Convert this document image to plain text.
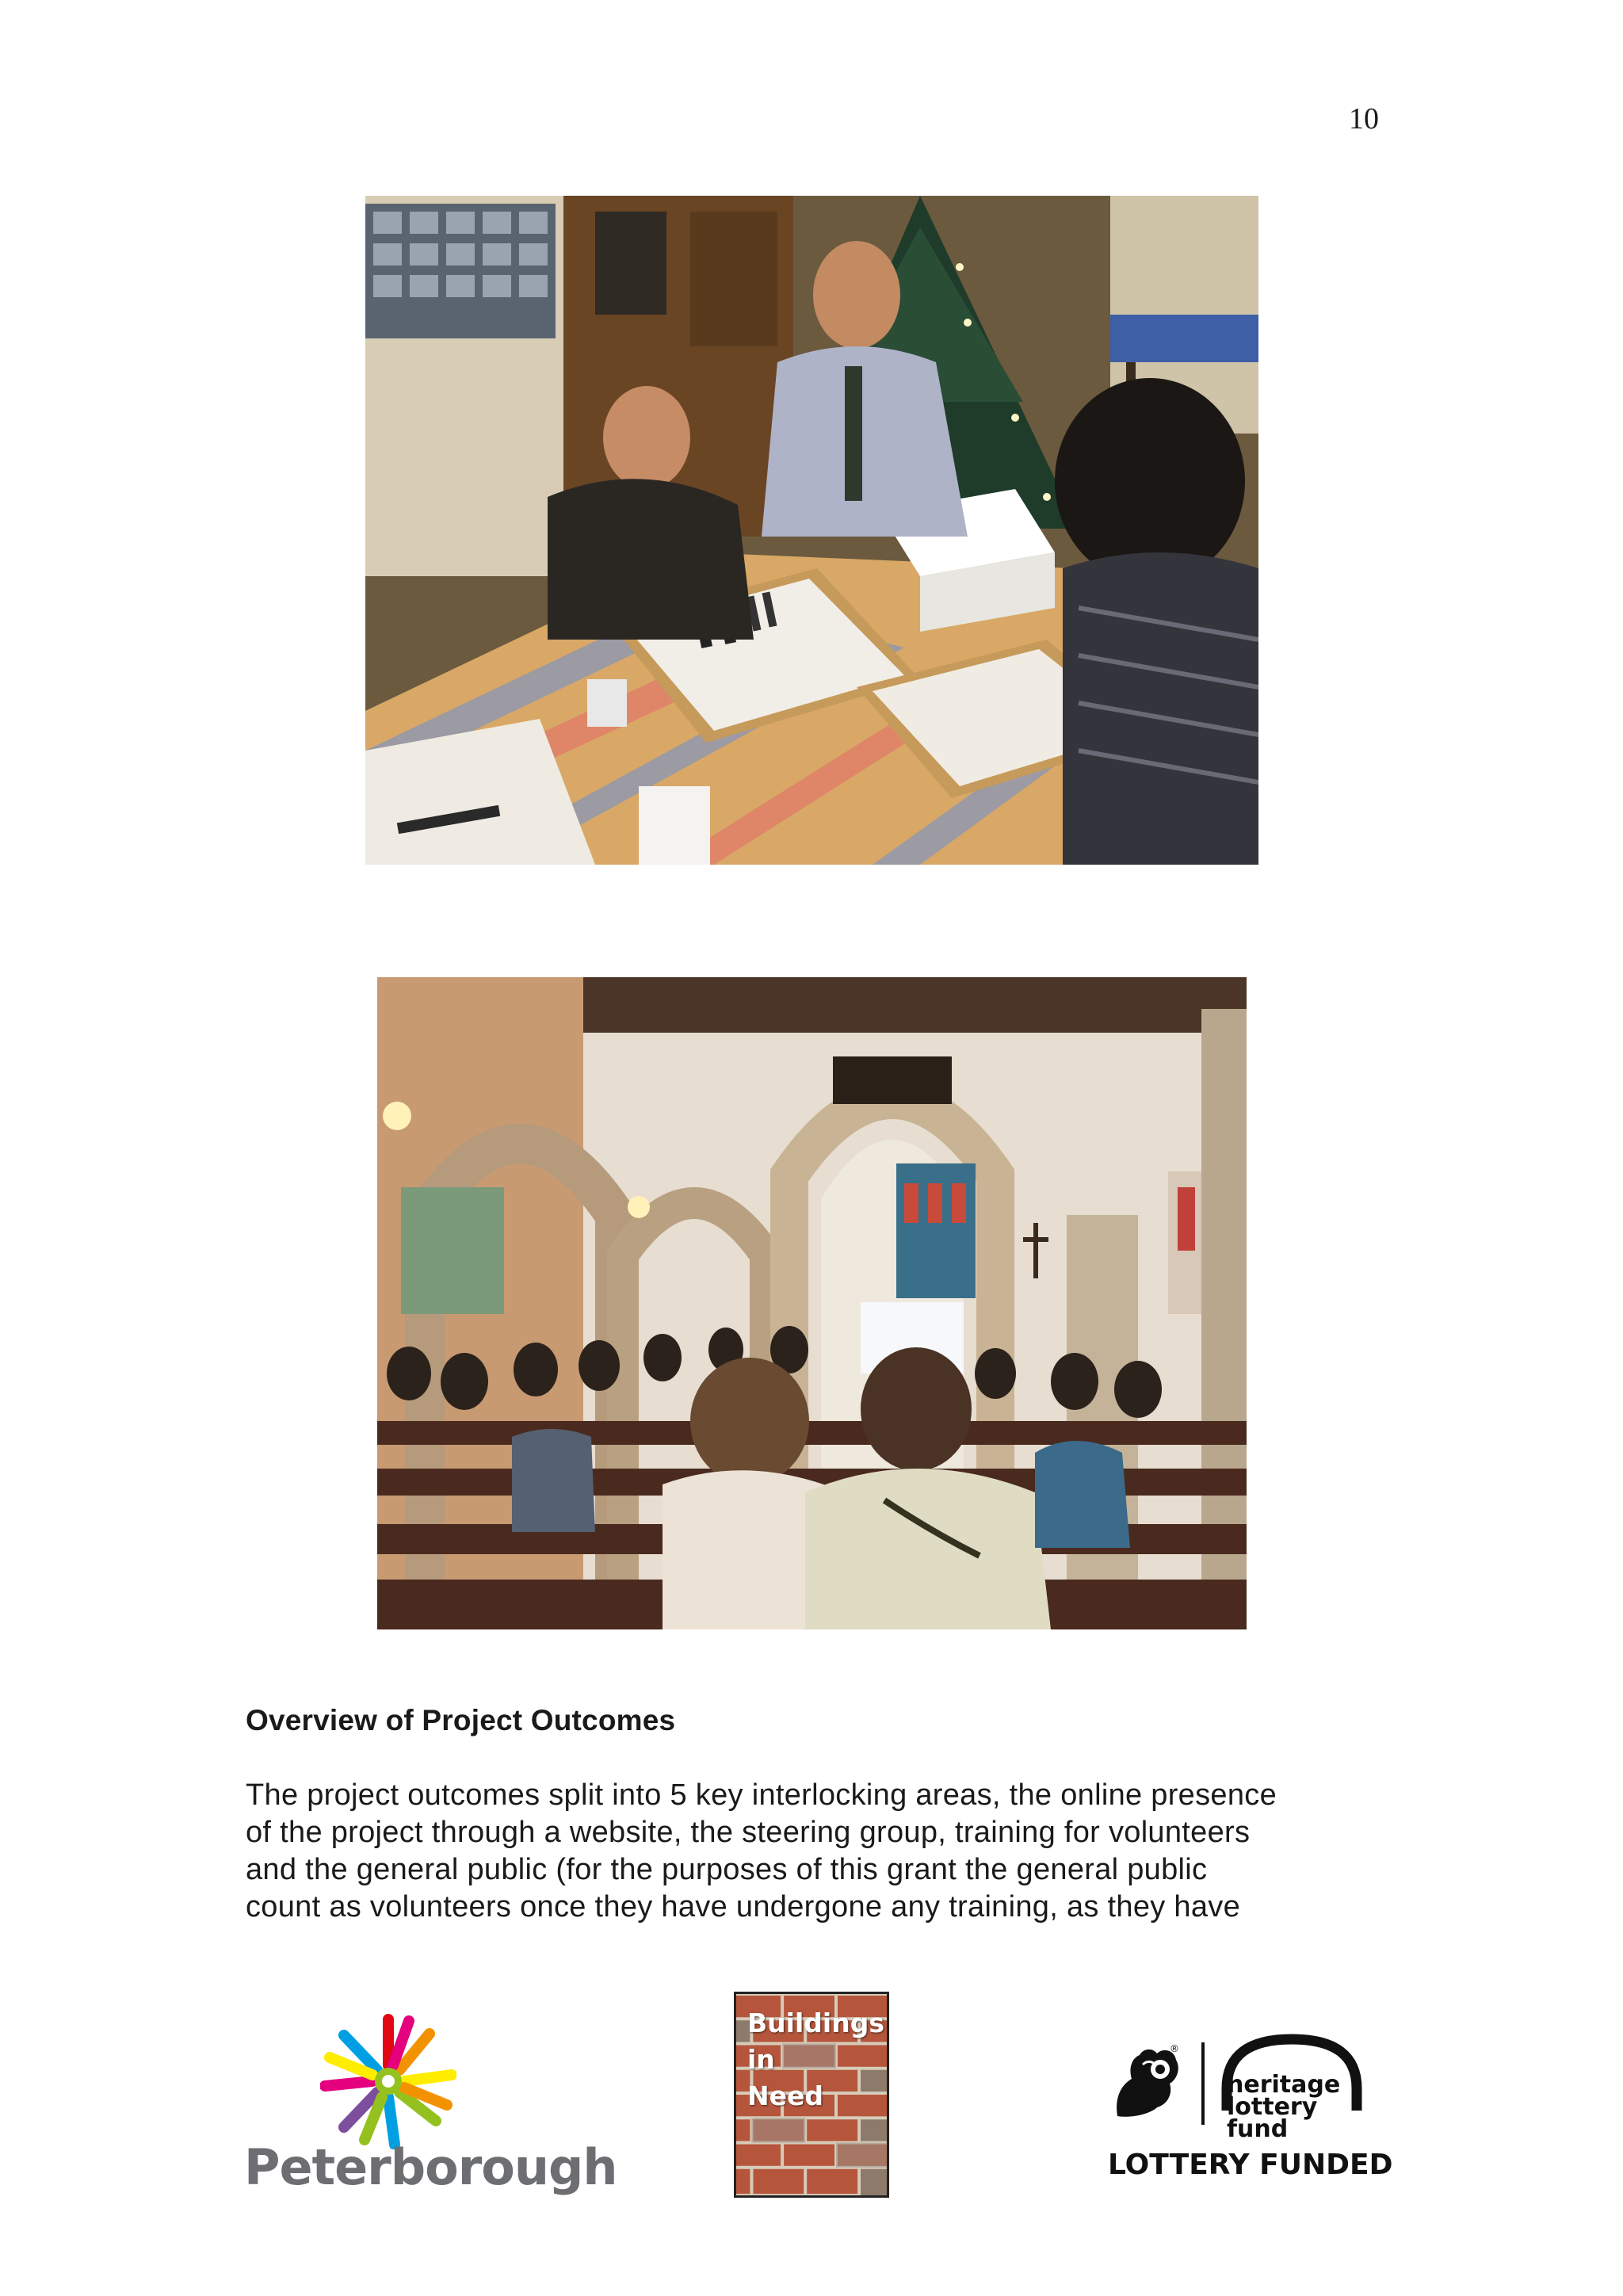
10
Overview of Project Outcomes
The project outcomes split into 5 key interlocking areas, the online presence
of the project through a website, the steering group, training for volunteers
and the general public (for the purposes of this grant the general public
count as volunteers once they have undergone any training, as they have
Peterborough
Buildings
in
Need
®
heritage
lottery fund
LOTTERY FUNDED
